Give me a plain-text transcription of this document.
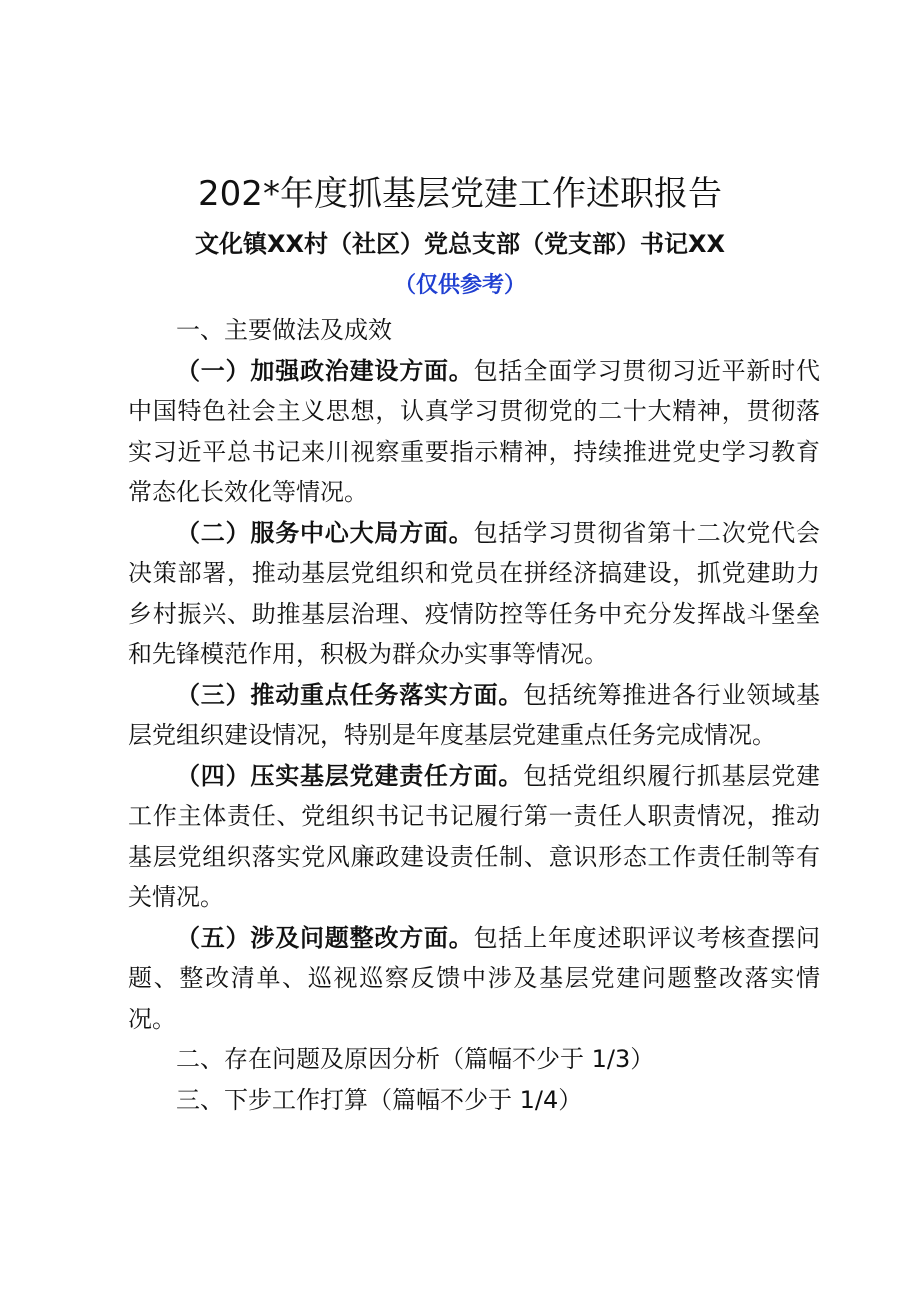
202*年度抓基层党建工作述职报告
文化镇XX村（社区）党总支部（党支部）书记XX
（仅供参考）

一、主要做法及成效

（一）加强政治建设方面。包括全面学习贯彻习近平新时代中国特色社会主义思想，认真学习贯彻党的二十大精神，贯彻落实习近平总书记来川视察重要指示精神，持续推进党史学习教育常态化长效化等情况。

（二）服务中心大局方面。包括学习贯彻省第十二次党代会决策部署，推动基层党组织和党员在拼经济搞建设，抓党建助力乡村振兴、助推基层治理、疫情防控等任务中充分发挥战斗堡垒和先锋模范作用，积极为群众办实事等情况。

（三）推动重点任务落实方面。包括统筹推进各行业领域基层党组织建设情况，特别是年度基层党建重点任务完成情况。

（四）压实基层党建责任方面。包括党组织履行抓基层党建工作主体责任、党组织书记书记履行第一责任人职责情况，推动基层党组织落实党风廉政建设责任制、意识形态工作责任制等有关情况。

（五）涉及问题整改方面。包括上年度述职评议考核查摆问题、整改清单、巡视巡察反馈中涉及基层党建问题整改落实情况。

二、存在问题及原因分析（篇幅不少于 1/3）

三、下步工作打算（篇幅不少于 1/4）
